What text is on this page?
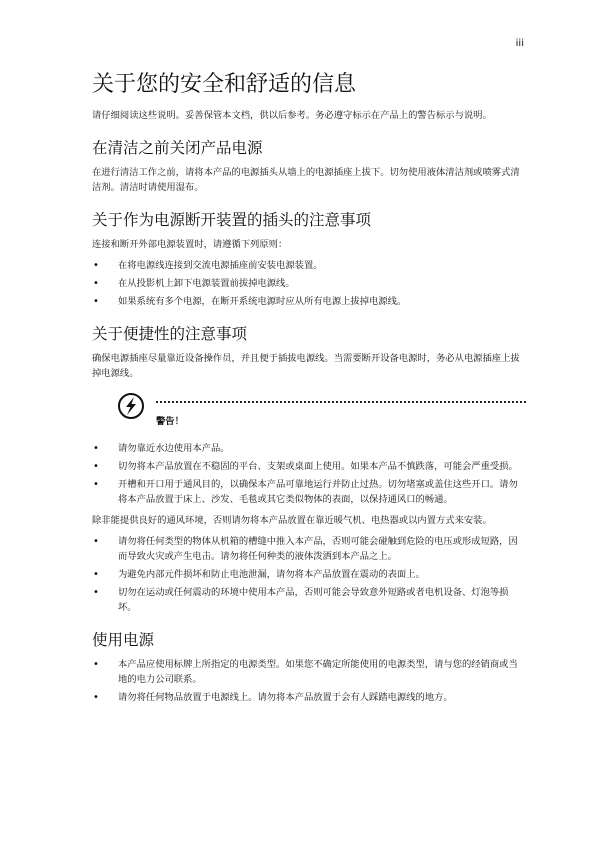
iii
关于您的安全和舒适的信息

请仔细阅读这些说明。妥善保管本文档，供以后参考。务必遵守标示在产品上的警告标示与说明。

在清洁之前关闭产品电源

在进行清洁工作之前，请将本产品的电源插头从墙上的电源插座上拔下。切勿使用液体清洁剂或喷雾式清洁剂。清洁时请使用湿布。

关于作为电源断开装置的插头的注意事项

连接和断开外部电源装置时，请遵循下列原则：

• 在将电源线连接到交流电源插座前安装电源装置。
• 在从投影机上卸下电源装置前拔掉电源线。
• 如果系统有多个电源，在断开系统电源时应从所有电源上拔掉电源线。
关于便捷性的注意事项

确保电源插座尽量靠近设备操作员，并且便于插拔电源线。当需要断开设备电源时，务必从电源插座上拔掉电源线。

警告！
• 请勿靠近水边使用本产品。
• 切勿将本产品放置在不稳固的平台、支架或桌面上使用。如果本产品不慎跌落，可能会严重受损。
• 开槽和开口用于通风目的，以确保本产品可靠地运行并防止过热。切勿堵塞或盖住这些开口。请勿将本产品放置于床上、沙发、毛毯或其它类似物体的表面，以保持通风口的畅通。

除非能提供良好的通风环境，否则请勿将本产品放置在靠近暖气机、电热器或以内置方式来安装。

• 请勿将任何类型的物体从机箱的槽缝中推入本产品，否则可能会碰触到危险的电压或形成短路，因而导致火灾或产生电击。请勿将任何种类的液体泼洒到本产品之上。
• 为避免内部元件损坏和防止电池泄漏，请勿将本产品放置在震动的表面上。
• 切勿在运动或任何震动的环境中使用本产品，否则可能会导致意外短路或者电机设备、灯泡等损坏。
使用电源
• 本产品应使用标牌上所指定的电源类型。如果您不确定所能使用的电源类型，请与您的经销商或当地的电力公司联系。
• 请勿将任何物品放置于电源线上。请勿将本产品放置于会有人踩踏电源线的地方。
